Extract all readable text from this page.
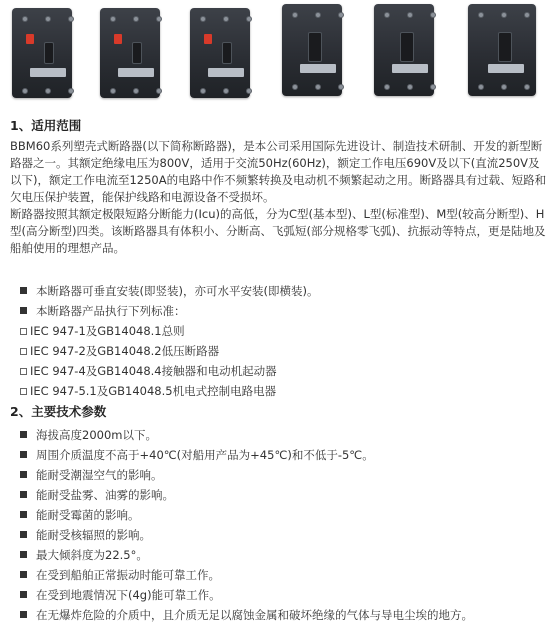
1、适用范围

BBM60系列塑壳式断路器(以下简称断路器)，是本公司采用国际先进设计、制造技术研制、开发的新型断路器之一。其额定绝缘电压为800V，适用于交流50Hz(60Hz)，额定工作电压690V及以下(直流250V及以下)，额定工作电流至1250A的电路中作不频繁转换及电动机不频繁起动之用。断路器具有过载、短路和欠电压保护装置，能保护线路和电源设备不受损坏。

断路器按照其额定极限短路分断能力(Icu)的高低，分为C型(基本型)、L型(标准型)、M型(较高分断型)、H型(高分断型)四类。该断路器具有体积小、分断高、飞弧短(部分规格零飞弧)、抗振动等特点，更是陆地及船舶使用的理想产品。

本断路器可垂直安装(即竖装)，亦可水平安装(即横装)。
本断路器产品执行下列标准：
IEC 947-1及GB14048.1总则
IEC 947-2及GB14048.2低压断路器
IEC 947-4及GB14048.4接触器和电动机起动器
IEC 947-5.1及GB14048.5机电式控制电路电器
2、主要技术参数
海拔高度2000m以下。
周围介质温度不高于+40℃(对船用产品为+45℃)和不低于-5℃。
能耐受潮湿空气的影响。
能耐受盐雾、油雾的影响。
能耐受霉菌的影响。
能耐受核辐照的影响。
最大倾斜度为22.5°。
在受到船舶正常振动时能可靠工作。
在受到地震情况下(4g)能可靠工作。
在无爆炸危险的介质中，且介质无足以腐蚀金属和破坏绝缘的气体与导电尘埃的地方。
